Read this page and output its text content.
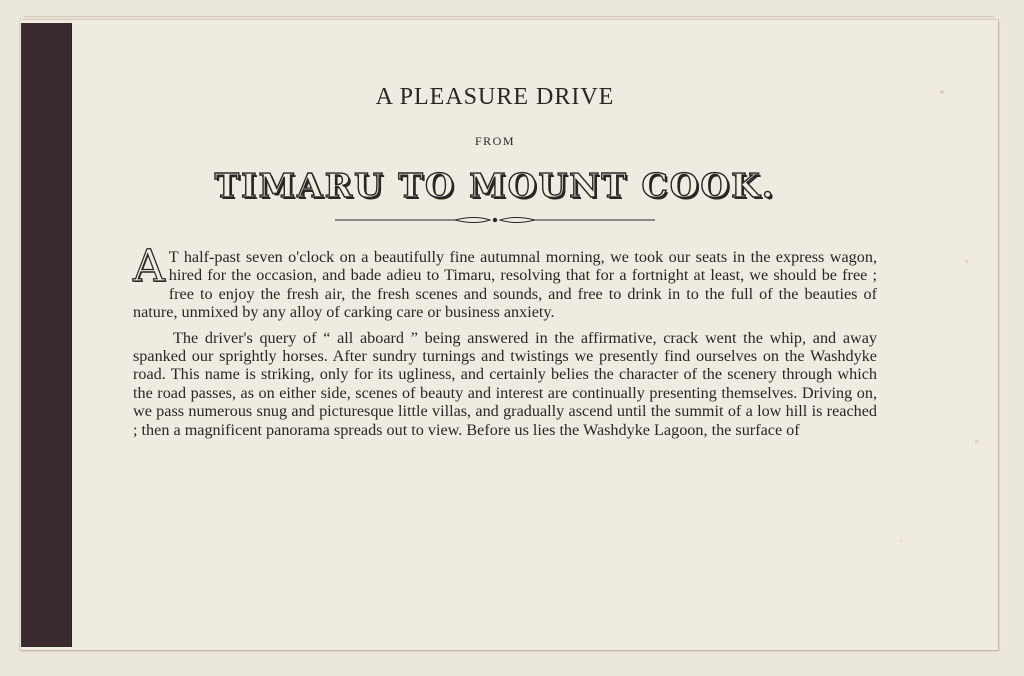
A PLEASURE DRIVE
FROM
TIMARU TO MOUNT COOK.

A T half-past seven o'clock on a beautifully fine autumnal morning, we took our seats in the express wagon, hired for the occasion, and bade adieu to Timaru, resolving that for a fortnight at least, we should be free ; free to enjoy the fresh air, the fresh scenes and sounds, and free to drink in to the full of the beauties of nature, unmixed by any alloy of carking care or business anxiety.

The driver's query of “ all aboard ” being answered in the affirmative, crack went the whip, and away spanked our sprightly horses. After sundry turnings and twistings we presently find ourselves on the Washdyke road. This name is striking, only for its ugliness, and certainly belies the character of the scenery through which the road passes, as on either side, scenes of beauty and interest are continually presenting themselves. Driving on, we pass numerous snug and picturesque little villas, and gradually ascend until the summit of a low hill is reached ; then a magnificent panorama spreads out to view. Before us lies the Washdyke Lagoon, the surface of
